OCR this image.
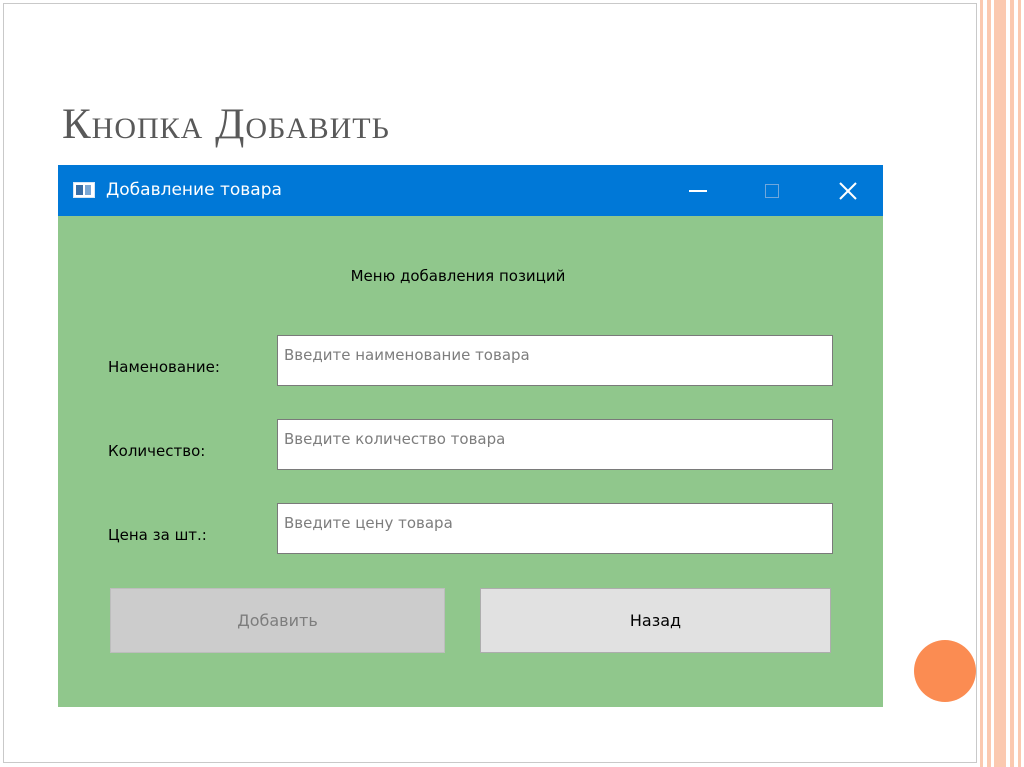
Кнопка Добавить
Добавление товара
Меню добавления позиций
Наменование:
Введите наименование товара
Количество:
Введите количество товара
Цена за шт.:
Введите цену товара
Добавить	Назад
